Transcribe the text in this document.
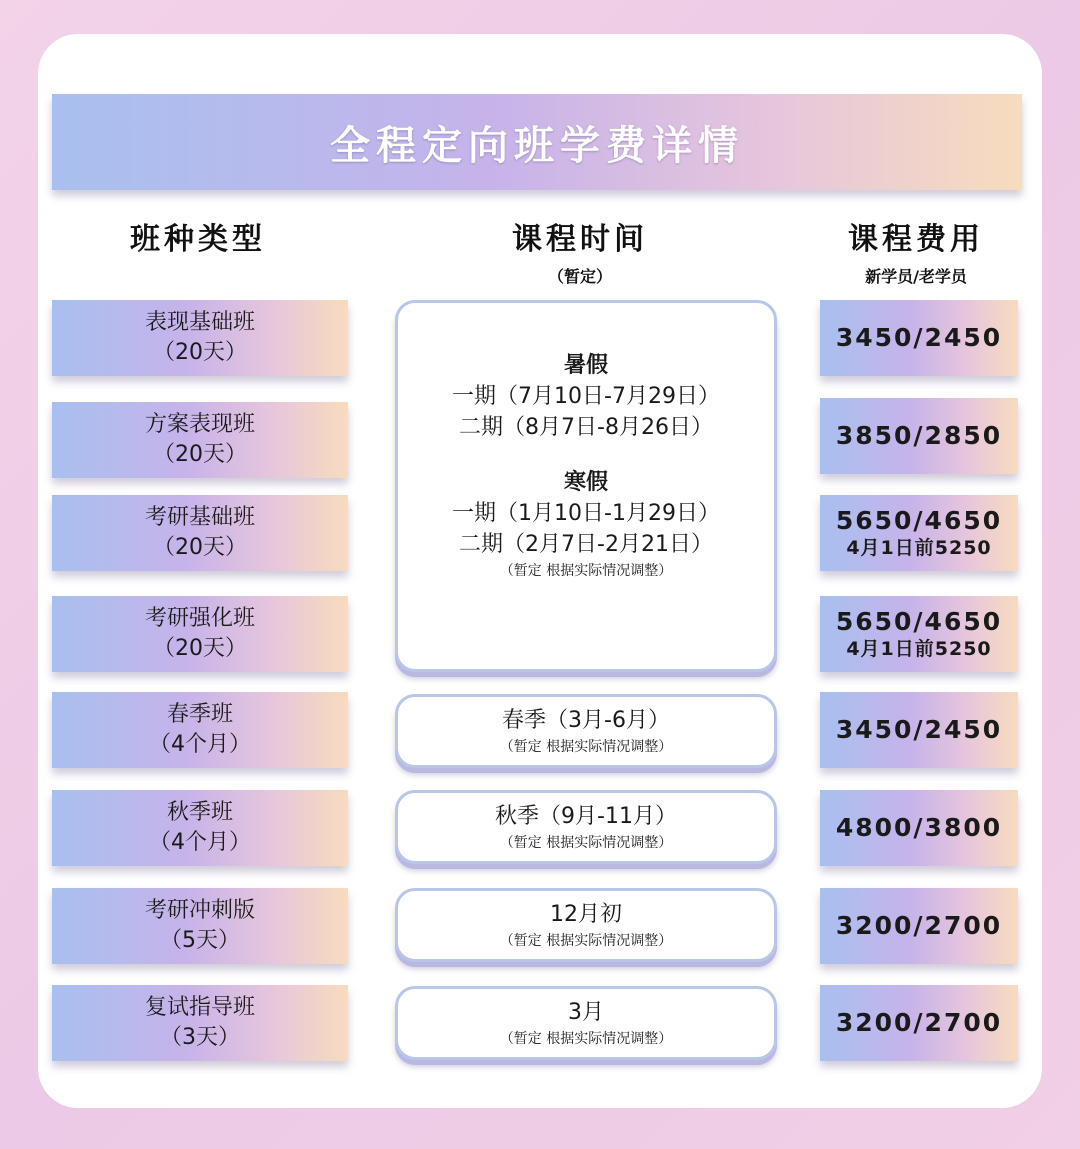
全程定向班学费详情
班种类型	课程时间
（暂定）
课程费用
新学员/老学员
表现基础班
（20天）
方案表现班
（20天）
考研基础班
（20天）
考研强化班
（20天）
春季班
（4个月）
秋季班
（4个月）
考研冲刺版
（5天）
复试指导班
（3天）
暑假
一期（7月10日-7月29日）
二期（8月7日-8月26日）
寒假
一期（1月10日-1月29日）
二期（2月7日-2月21日）
（暂定 根据实际情况调整）
春季（3月-6月）
（暂定 根据实际情况调整）
秋季（9月-11月）
（暂定 根据实际情况调整）
12月初
（暂定 根据实际情况调整）
3月
（暂定 根据实际情况调整）
3450/2450
3850/2850
5650/4650
4月1日前5250
5650/4650
4月1日前5250
3450/2450
4800/3800
3200/2700
3200/2700
